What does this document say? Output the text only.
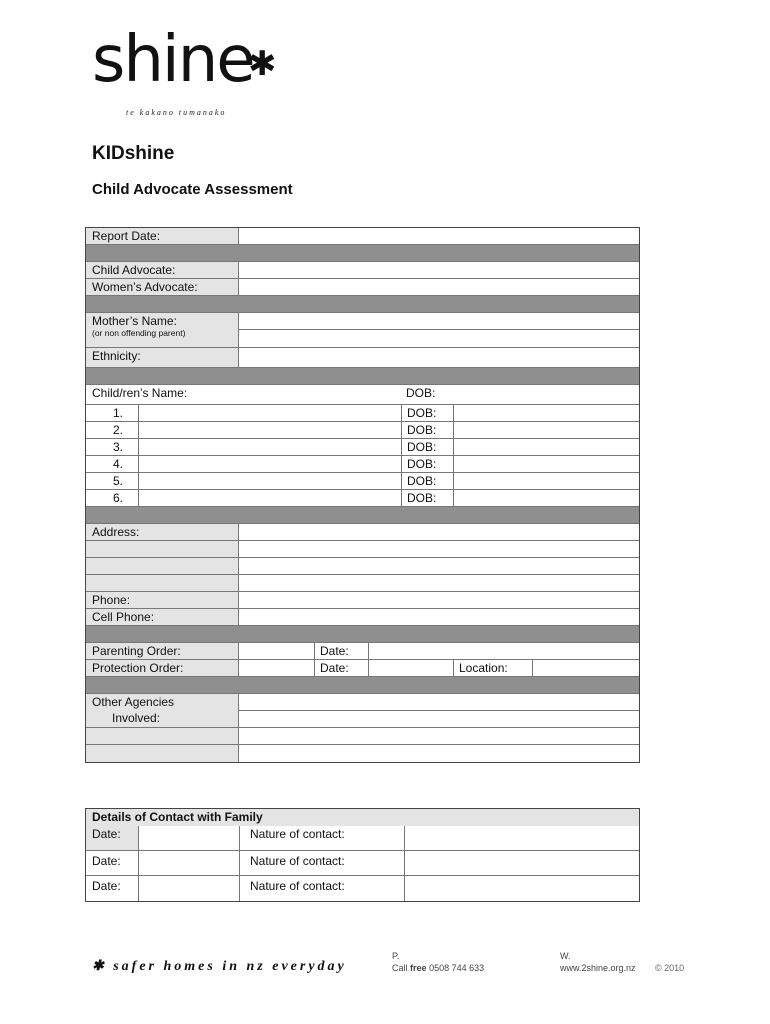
shine
✱
te kakano tumanako
KIDshine
Child Advocate Assessment
Report Date:
Child Advocate:
Women’s Advocate:
Mother’s Name:
(or non offending parent)
Ethnicity:
Child/ren’s Name:	DOB:
1.	DOB:
2.	DOB:
3.	DOB:
4.	DOB:
5.	DOB:
6.	DOB:
Address:
Phone:
Cell Phone:
Parenting Order:	Date:
Protection Order:	Date:	Location:
Other Agencies
Involved:
Details of Contact with Family
Date:	Nature of contact:
Date:	Nature of contact:
Date:	Nature of contact:
✱ safer homes in nz everyday
P.
Call free 0508 744 633
W.
www.2shine.org.nz © 2010
